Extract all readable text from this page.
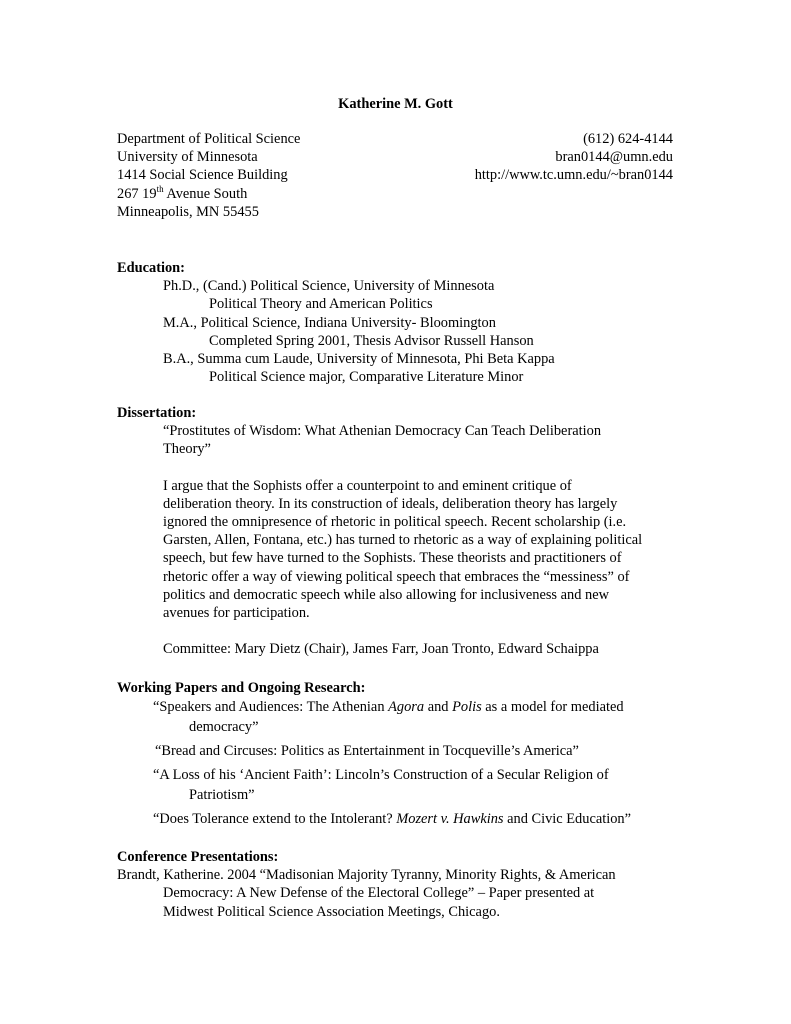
Katherine M. Gott
Department of Political Science
University of Minnesota
1414 Social Science Building
267 19th Avenue South
Minneapolis, MN 55455
(612) 624-4144
bran0144@umn.edu
http://www.tc.umn.edu/~bran0144
Education:
Ph.D., (Cand.) Political Science, University of Minnesota
Political Theory and American Politics
M.A., Political Science, Indiana University- Bloomington
Completed Spring 2001, Thesis Advisor Russell Hanson
B.A., Summa cum Laude, University of Minnesota, Phi Beta Kappa
Political Science major, Comparative Literature Minor
Dissertation:
“Prostitutes of Wisdom: What Athenian Democracy Can Teach Deliberation Theory”
I argue that the Sophists offer a counterpoint to and eminent critique of deliberation theory. In its construction of ideals, deliberation theory has largely ignored the omnipresence of rhetoric in political speech. Recent scholarship (i.e. Garsten, Allen, Fontana, etc.) has turned to rhetoric as a way of explaining political speech, but few have turned to the Sophists. These theorists and practitioners of rhetoric offer a way of viewing political speech that embraces the “messiness” of politics and democratic speech while also allowing for inclusiveness and new avenues for participation.
Committee: Mary Dietz (Chair), James Farr, Joan Tronto, Edward Schaippa
Working Papers and Ongoing Research:
“Speakers and Audiences: The Athenian Agora and Polis as a model for mediated
democracy”
“Bread and Circuses: Politics as Entertainment in Tocqueville’s America”
“A Loss of his ‘Ancient Faith’: Lincoln’s Construction of a Secular Religion of
Patriotism”
“Does Tolerance extend to the Intolerant? Mozert v. Hawkins and Civic Education”
Conference Presentations:
Brandt, Katherine. 2004 “Madisonian Majority Tyranny, Minority Rights, & American
Democracy: A New Defense of the Electoral College” – Paper presented at
Midwest Political Science Association Meetings, Chicago.
